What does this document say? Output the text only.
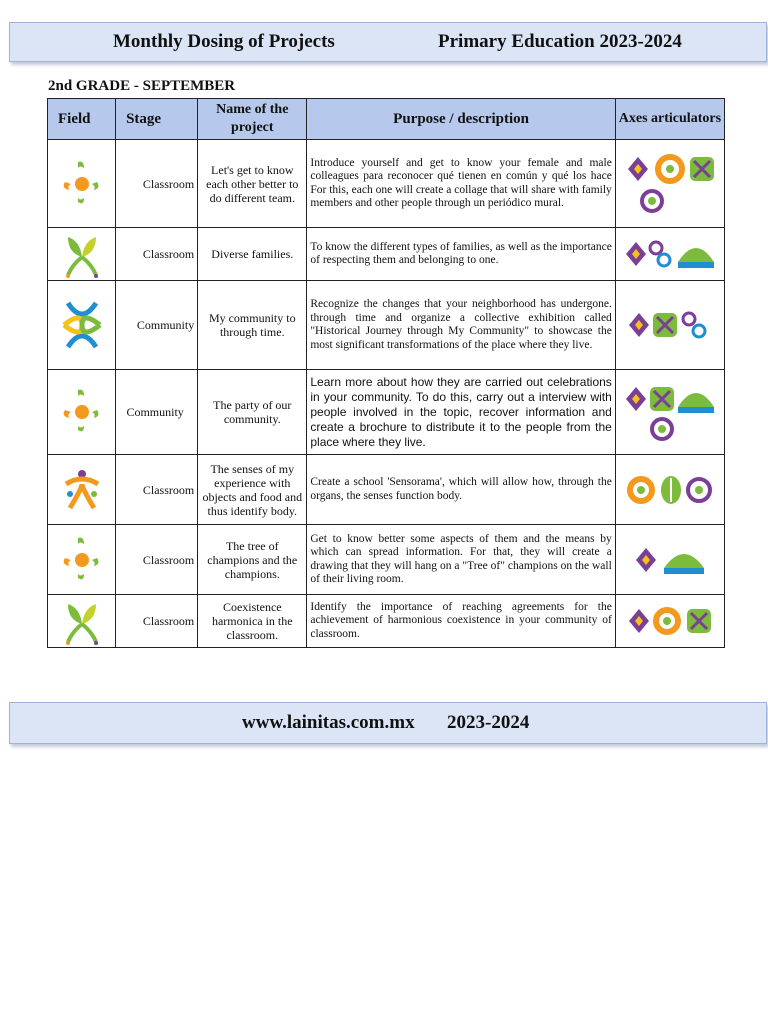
Monthly Dosing of Projects	Primary Education 2023-2024
2nd GRADE - SEPTEMBER
Field	Stage	Name of the project	Purpose / description	Axes articulators

	Classroom	Let's get to know each other better to do different team.	Introduce yourself and get to know your female and male colleagues para reconocer qué tienen en común y qué los hace For this, each one will create a collage that will share with family members and other people through un periódico mural.	

	Classroom	Diverse families.	To know the different types of families, as well as the importance of respecting them and belonging to one.	

	Community	My community to through time.	Recognize the changes that your neighborhood has undergone. through time and organize a collective exhibition called "Historical Journey through My Community" to showcase the most significant transformations of the place where they live.	

	Community	The party of our community.	Learn more about how they are carried out celebrations in your community. To do this, carry out a interview with people involved in the topic, recover information and create a brochure to distribute it to the people from the place where they live.	

	Classroom	The senses of my experience with objects and food and thus identify body.	Create a school 'Sensorama', which will allow how, through the organs, the senses function body.	

	Classroom	The tree of champions and the champions.	Get to know better some aspects of them and the means by which can spread information. For that, they will create a drawing that they will hang on a "Tree of" champions on the wall of their living room.	

	Classroom	Coexistence harmonica in the classroom.	Identify the importance of reaching agreements for the achievement of harmonious coexistence in your community of classroom.	
www.lainitas.com.mx 2023-2024
